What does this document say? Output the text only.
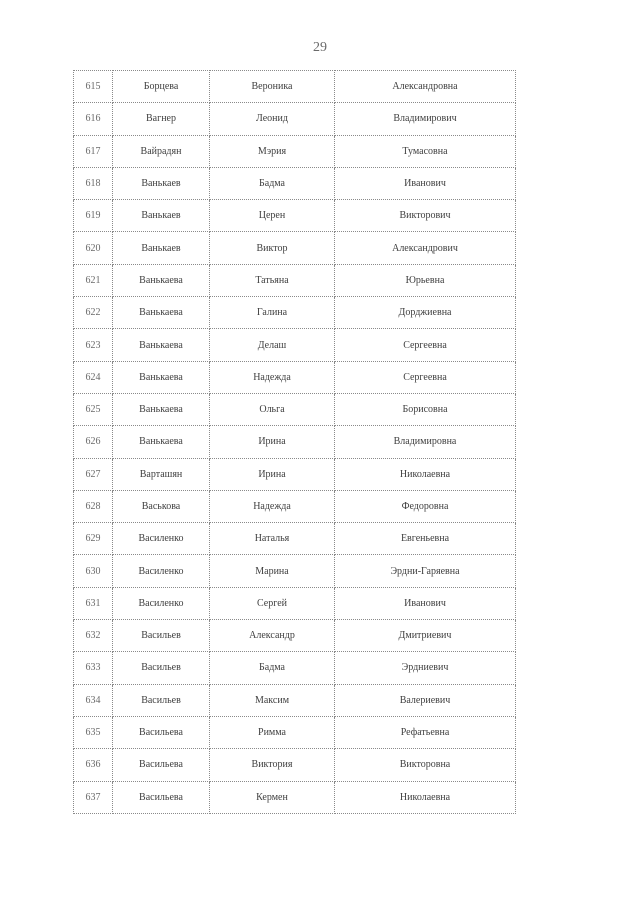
29
615	Борцева	Вероника	Александровна
616	Вагнер	Леонид	Владимирович
617	Вайрадян	Мэрия	Тумасовна
618	Ванькаев	Бадма	Иванович
619	Ванькаев	Церен	Викторович
620	Ванькаев	Виктор	Александрович
621	Ванькаева	Татьяна	Юрьевна
622	Ванькаева	Галина	Дорджиевна
623	Ванькаева	Делаш	Сергеевна
624	Ванькаева	Надежда	Сергеевна
625	Ванькаева	Ольга	Борисовна
626	Ванькаева	Ирина	Владимировна
627	Варташян	Ирина	Николаевна
628	Васькова	Надежда	Федоровна
629	Василенко	Наталья	Евгеньевна
630	Василенко	Марина	Эрдни-Гаряевна
631	Василенко	Сергей	Иванович
632	Васильев	Александр	Дмитриевич
633	Васильев	Бадма	Эрдниевич
634	Васильев	Максим	Валериевич
635	Васильева	Римма	Рефатьевна
636	Васильева	Виктория	Викторовна
637	Васильева	Кермен	Николаевна
